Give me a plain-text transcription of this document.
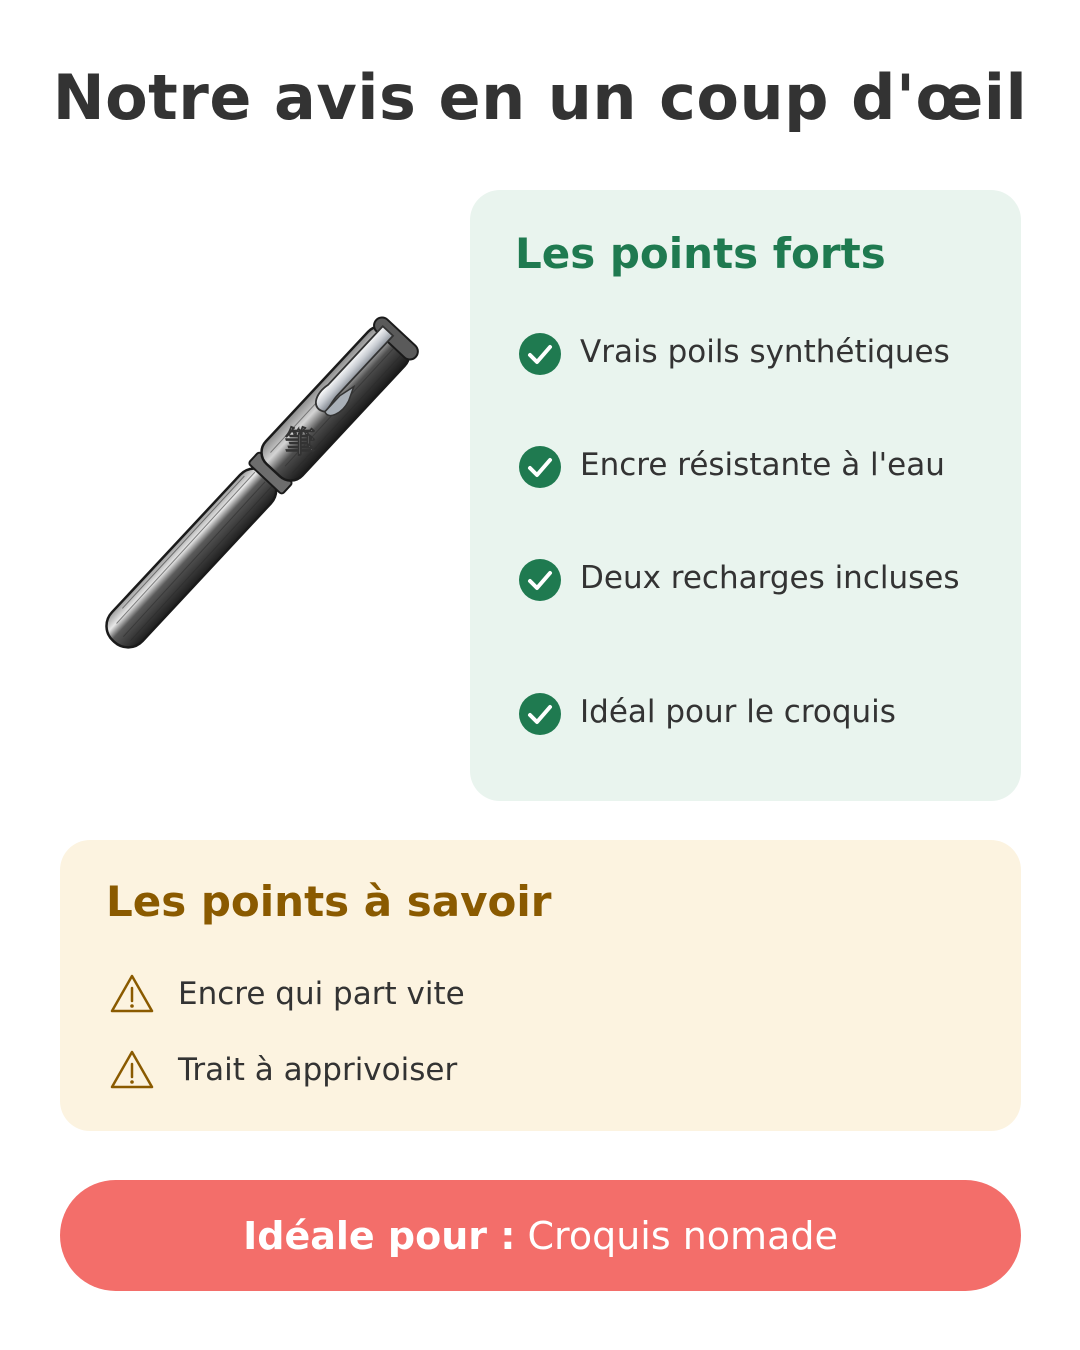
Notre avis en un coup d'œil
筆
Les points forts
Vrais poils synthétiques
Encre résistante à l'eau
Deux recharges incluses
Idéal pour le croquis
Les points à savoir
Encre qui part vite
Trait à apprivoiser
Idéale pour :
Croquis nomade
